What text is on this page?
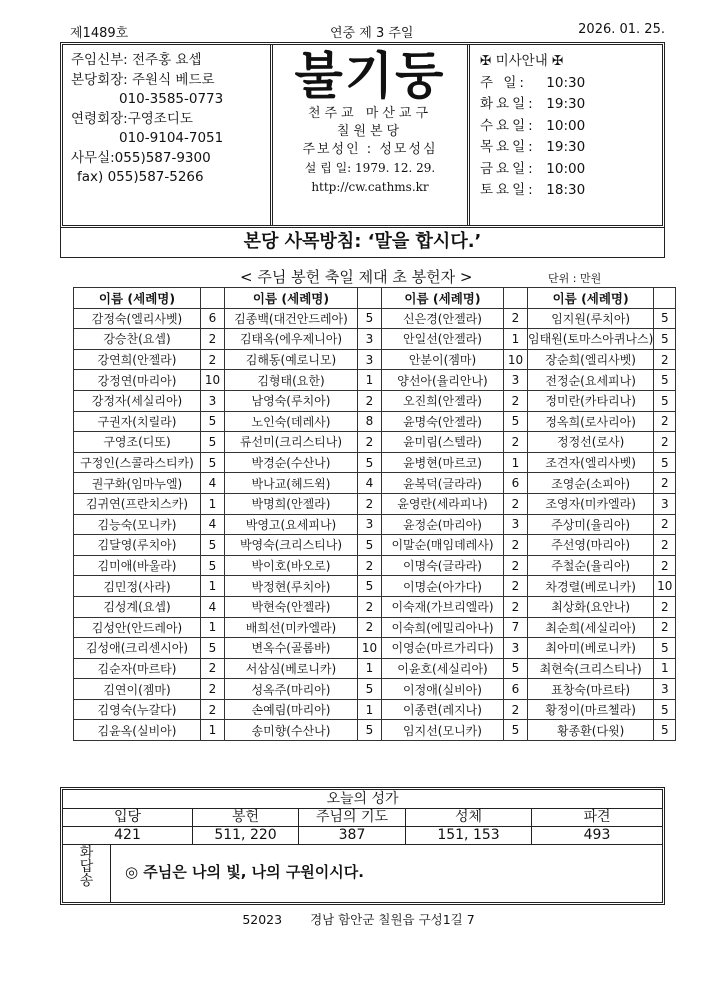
제1489호	연중 제 3 주일	2026. 01. 25.
주임신부: 전주홍 요셉
본당회장: 주원식 베드로
010-3585-0773
연령회장:구영조디도
010-9104-7051
사무실:055)587-9300
fax) 055)587-5266
불기둥
천주교 마산교구
칠원본당
주보성인 : 성모성심
설 립 일: 1979. 12. 29.
http://cw.cathms.kr
✠ 미사안내 ✠
주 일: 10:30
화요일: 19:30
수요일: 10:00
목요일: 19:30
금요일: 10:00
토요일: 18:30
본당 사목방침: ‘말을 합시다.’
< 주님 봉헌 축일 제대 초 봉헌자 >	단위 : 만원
이름 (세례명)		이름 (세례명)		이름 (세례명)		이름 (세례명)	
감정숙(엘리사벳)	6	김종백(대건안드레아)	5	신은경(안젤라)	2	임지원(루치아)	5
강승찬(요셉)	2	김태옥(에우제니아)	3	안일선(안젤라)	1	임태원(토마스아퀴나스)	5
강연희(안젤라)	2	김해동(예로니모)	3	안분이(젬마)	10	장순희(엘리사벳)	2
강정연(마리아)	10	김형태(요한)	1	양선아(율리안나)	3	전정순(요세피나)	5
강정자(세실리아)	3	남영숙(루치아)	2	오진희(안젤라)	2	정미란(카타리나)	5
구권자(치릴라)	5	노인숙(데레사)	8	윤명숙(안젤라)	5	정옥희(로사리아)	2
구영조(디또)	5	류선미(크리스티나)	2	윤미림(스텔라)	2	정정선(로사)	2
구정인(스콜라스티카)	5	박경순(수산나)	5	윤병현(마르코)	1	조견자(엘리사벳)	5
권구화(임마누엘)	4	박나교(헤드윅)	4	윤복덕(글라라)	6	조영순(소피아)	2
김귀연(프란치스카)	1	박명희(안젤라)	2	윤영란(세라피나)	2	조영자(미카엘라)	3
김능숙(모니카)	4	박영고(요세피나)	3	윤정순(마리아)	3	주상미(율리아)	2
김달영(루치아)	5	박영숙(크리스티나)	5	이말순(매임데레사)	2	주선영(마리아)	2
김미애(바울라)	5	박이호(바오로)	2	이명숙(글라라)	2	주철순(율리아)	2
김민정(사라)	1	박정현(루치아)	5	이명순(아가다)	2	차경렬(베로니카)	10
김성계(요셉)	4	박현숙(안젤라)	2	이숙재(가브리엘라)	2	최상화(요안나)	2
김성안(안드레아)	1	배희선(미카엘라)	2	이숙희(에밀리아나)	7	최순희(세실리아)	2
김성애(크리센시아)	5	변옥수(골롬바)	10	이영순(마르가리다)	3	최아미(베로니카)	5
김순자(마르타)	2	서삼심(베로니카)	1	이윤호(세실리아)	5	최현숙(크리스티나)	1
김연이(젬마)	2	성옥주(마리아)	5	이정애(실비아)	6	표창숙(마르타)	3
김영숙(누갈다)	2	손예림(마리아)	1	이종련(레지나)	2	황정이(마르첼라)	5
김윤옥(실비아)	1	송미향(수산나)	5	임지선(모니카)	5	황종환(다윗)	5
오늘의 성가
입당	봉헌	주님의 기도	성체	파견
421	511, 220	387	151, 153	493
화
답
송	◎ 주님은 나의 빛, 나의 구원이시다.
52023 경남 함안군 칠원읍 구성1길 7
